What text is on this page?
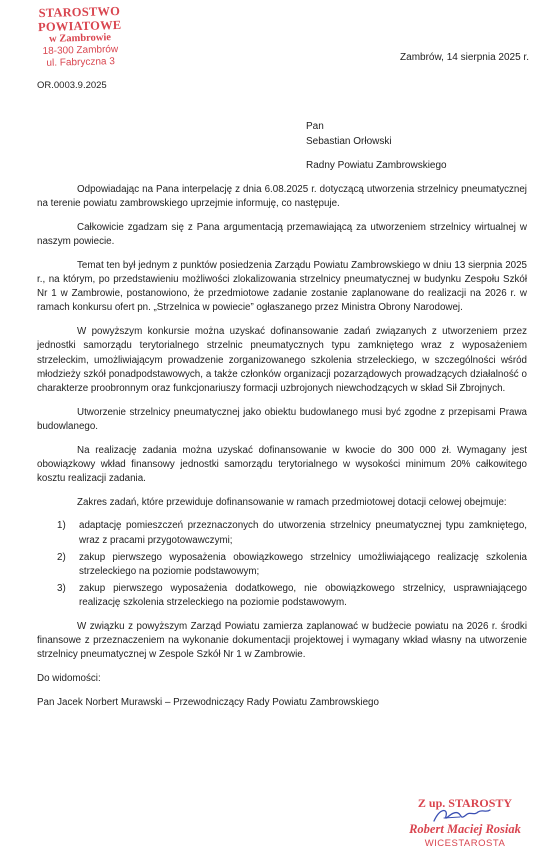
STAROSTWO POWIATOWE
w Zambrowie
18-300 Zambrów
ul. Fabryczna 3	Zambrów, 14 sierpnia 2025 r.
OR.0003.9.2025
Pan
Sebastian Orłowski
Radny Powiatu Zambrowskiego

Odpowiadając na Pana interpelację z dnia 6.08.2025 r. dotyczącą utworzenia strzelnicy pneumatycznej na terenie powiatu zambrowskiego uprzejmie informuję, co następuje.

Całkowicie zgadzam się z Pana argumentacją przemawiającą za utworzeniem strzelnicy wirtualnej w naszym powiecie.

Temat ten był jednym z punktów posiedzenia Zarządu Powiatu Zambrowskiego w dniu 13 sierpnia 2025 r., na którym, po przedstawieniu możliwości zlokalizowania strzelnicy pneumatycznej w budynku Zespołu Szkół Nr 1 w Zambrowie, postanowiono, że przedmiotowe zadanie zostanie zaplanowane do realizacji na 2026 r. w ramach konkursu ofert pn. „Strzelnica w powiecie” ogłaszanego przez Ministra Obrony Narodowej.

W powyższym konkursie można uzyskać dofinansowanie zadań związanych z utworzeniem przez jednostki samorządu terytorialnego strzelnic pneumatycznych typu zamkniętego wraz z wyposażeniem strzeleckim, umożliwiającym prowadzenie zorganizowanego szkolenia strzeleckiego, w szczególności wśród młodzieży szkół ponadpodstawowych, a także członków organizacji pozarządowych prowadzących działalność o charakterze proobronnym oraz funkcjonariuszy formacji uzbrojonych niewchodzących w skład Sił Zbrojnych.

Utworzenie strzelnicy pneumatycznej jako obiektu budowlanego musi być zgodne z przepisami Prawa budowlanego.

Na realizację zadania można uzyskać dofinansowanie w kwocie do 300 000 zł. Wymagany jest obowiązkowy wkład finansowy jednostki samorządu terytorialnego w wysokości minimum 20% całkowitego kosztu realizacji zadania.

Zakres zadań, które przewiduje dofinansowanie w ramach przedmiotowej dotacji celowej obejmuje:

1)	adaptację pomieszczeń przeznaczonych do utworzenia strzelnicy pneumatycznej typu zamkniętego, wraz z pracami przygotowawczymi;
2)	zakup pierwszego wyposażenia obowiązkowego strzelnicy umożliwiającego realizację szkolenia strzeleckiego na poziomie podstawowym;
3)	zakup pierwszego wyposażenia dodatkowego, nie obowiązkowego strzelnicy, usprawniającego realizację szkolenia strzeleckiego na poziomie podstawowym.

W związku z powyższym Zarząd Powiatu zamierza zaplanować w budżecie powiatu na 2026 r. środki finansowe z przeznaczeniem na wykonanie dokumentacji projektowej i wymagany wkład własny na utworzenie strzelnicy pneumatycznej w Zespole Szkół Nr 1 w Zambrowie.

Do widomości:

Pan Jacek Norbert Murawski – Przewodniczący Rady Powiatu Zambrowskiego

Z up. STAROSTY
Robert Maciej Rosiak
WICESTAROSTA
